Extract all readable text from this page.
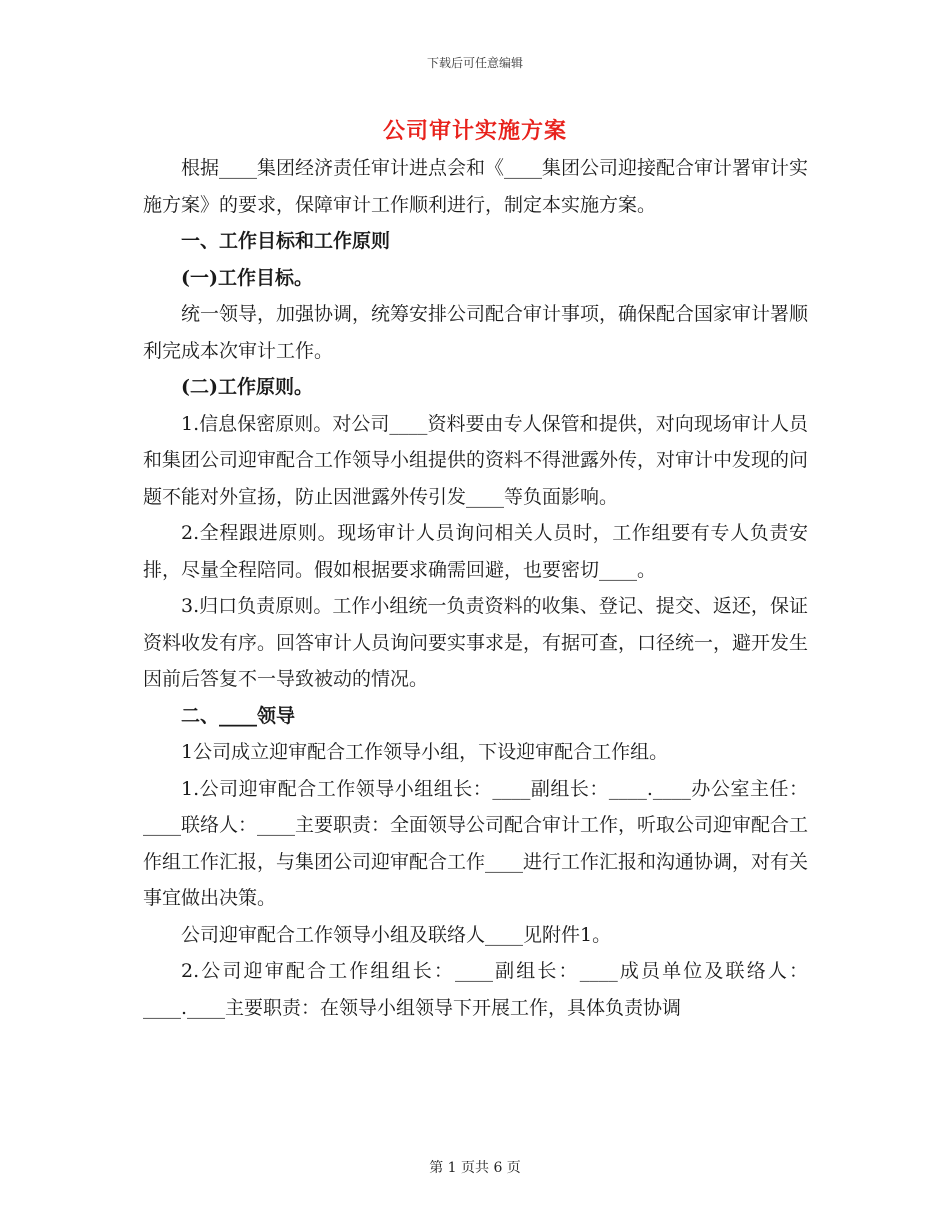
下载后可任意编辑
公司审计实施方案

根据____集团经济责任审计进点会和《____集团公司迎接配合审计署审计实施方案》的要求，保障审计工作顺利进行，制定本实施方案。

一、工作目标和工作原则

(一)工作目标。

统一领导，加强协调，统筹安排公司配合审计事项，确保配合国家审计署顺利完成本次审计工作。

(二)工作原则。

1.信息保密原则。对公司____资料要由专人保管和提供，对向现场审计人员和集团公司迎审配合工作领导小组提供的资料不得泄露外传，对审计中发现的问题不能对外宣扬，防止因泄露外传引发____等负面影响。

2.全程跟进原则。现场审计人员询问相关人员时，工作组要有专人负责安排，尽量全程陪同。假如根据要求确需回避，也要密切____。

3.归口负责原则。工作小组统一负责资料的收集、登记、提交、返还，保证资料收发有序。回答审计人员询问要实事求是，有据可查，口径统一，避开发生因前后答复不一导致被动的情况。

二、____领导

1公司成立迎审配合工作领导小组，下设迎审配合工作组。

1.公司迎审配合工作领导小组组长：____副组长：____.____办公室主任：____联络人：____主要职责：全面领导公司配合审计工作，听取公司迎审配合工作组工作汇报，与集团公司迎审配合工作____进行工作汇报和沟通协调，对有关事宜做出决策。

公司迎审配合工作领导小组及联络人____见附件1。

2.公司迎审配合工作组组长：____副组长：____成员单位及联络人：____.____主要职责：在领导小组领导下开展工作，具体负责协调

第 1 页共 6 页
